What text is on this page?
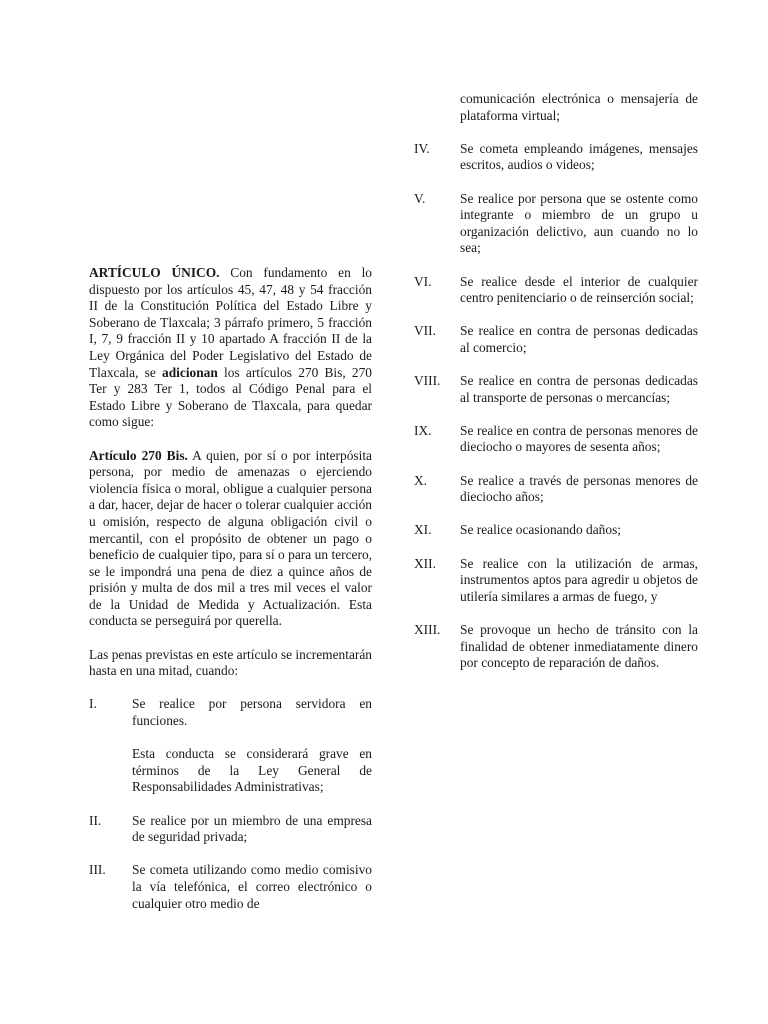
ARTÍCULO ÚNICO. Con fundamento en lo dispuesto por los artículos 45, 47, 48 y 54 fracción II de la Constitución Política del Estado Libre y Soberano de Tlaxcala; 3 párrafo primero, 5 fracción I, 7, 9 fracción II y 10 apartado A fracción II de la Ley Orgánica del Poder Legislativo del Estado de Tlaxcala, se adicionan los artículos 270 Bis, 270 Ter y 283 Ter 1, todos al Código Penal para el Estado Libre y Soberano de Tlaxcala, para quedar como sigue:

Artículo 270 Bis. A quien, por sí o por interpósita persona, por medio de amenazas o ejerciendo violencia física o moral, obligue a cualquier persona a dar, hacer, dejar de hacer o tolerar cualquier acción u omisión, respecto de alguna obligación civil o mercantil, con el propósito de obtener un pago o beneficio de cualquier tipo, para sí o para un tercero, se le impondrá una pena de diez a quince años de prisión y multa de dos mil a tres mil veces el valor de la Unidad de Medida y Actualización. Esta conducta se perseguirá por querella.

Las penas previstas en este artículo se incrementarán hasta en una mitad, cuando:

I.	Se realice por persona servidora en funciones.

Esta conducta se considerará grave en términos de la Ley General de Responsabilidades Administrativas;

II. Se realice por un miembro de una empresa de seguridad privada;

III. Se cometa utilizando como medio comisivo la vía telefónica, el correo electrónico o cualquier otro medio de

comunicación electrónica o mensajería de plataforma virtual;

IV. Se cometa empleando imágenes, mensajes escritos, audios o videos;

V.	Se realice por persona que se ostente como integrante o miembro de un grupo u organización delictivo, aun cuando no lo sea;

VI. Se realice desde el interior de cualquier centro penitenciario o de reinserción social;

VII. Se realice en contra de personas dedicadas al comercio;

VIII. Se realice en contra de personas dedicadas al transporte de personas o mercancías;

IX. Se realice en contra de personas menores de dieciocho o mayores de sesenta años;

X. Se realice a través de personas menores de dieciocho años;

XI. Se realice ocasionando daños;

XII. Se realice con la utilización de armas, instrumentos aptos para agredir u objetos de utilería similares a armas de fuego, y

XIII. Se provoque un hecho de tránsito con la finalidad de obtener inmediatamente dinero por concepto de reparación de daños.
